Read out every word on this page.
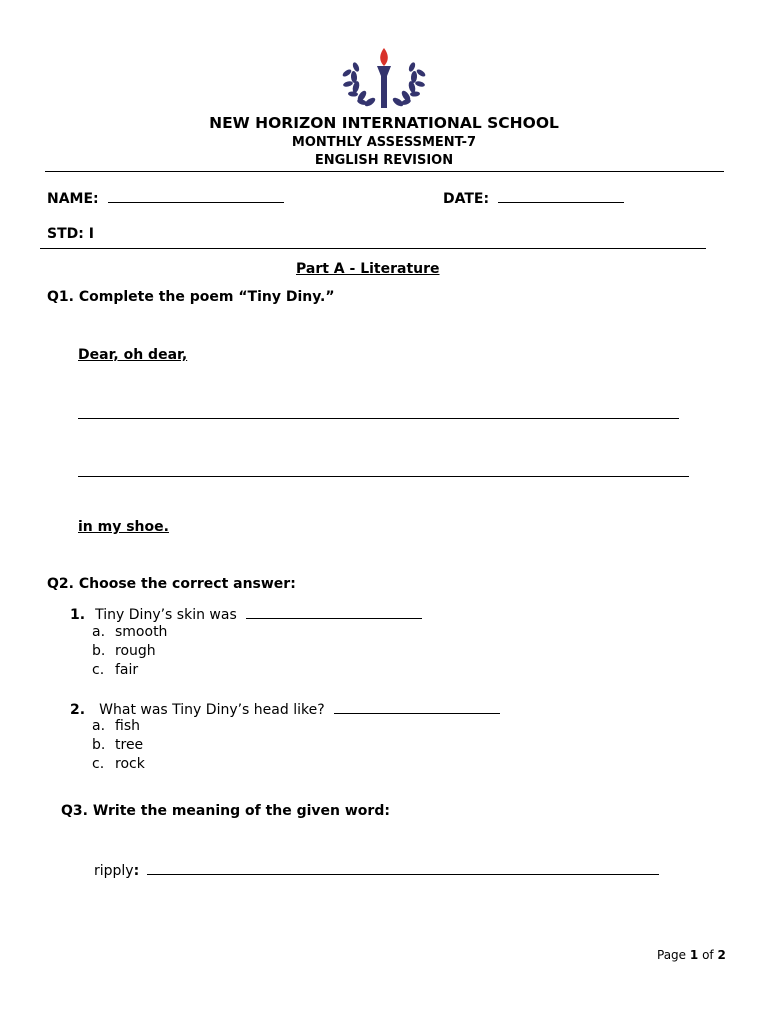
NEW HORIZON INTERNATIONAL SCHOOL
MONTHLY ASSESSMENT-7
ENGLISH REVISION
NAME:	DATE:
STD: I
Part A - Literature
Q1. Complete the poem “Tiny Diny.”
Dear, oh dear,
in my shoe.
Q2. Choose the correct answer:
1. Tiny Diny’s skin was
a. smooth
b. rough
c. fair
2. What was Tiny Diny’s head like?
a. fish
b. tree
c. rock
Q3. Write the meaning of the given word:
ripply:
Page 1 of 2
